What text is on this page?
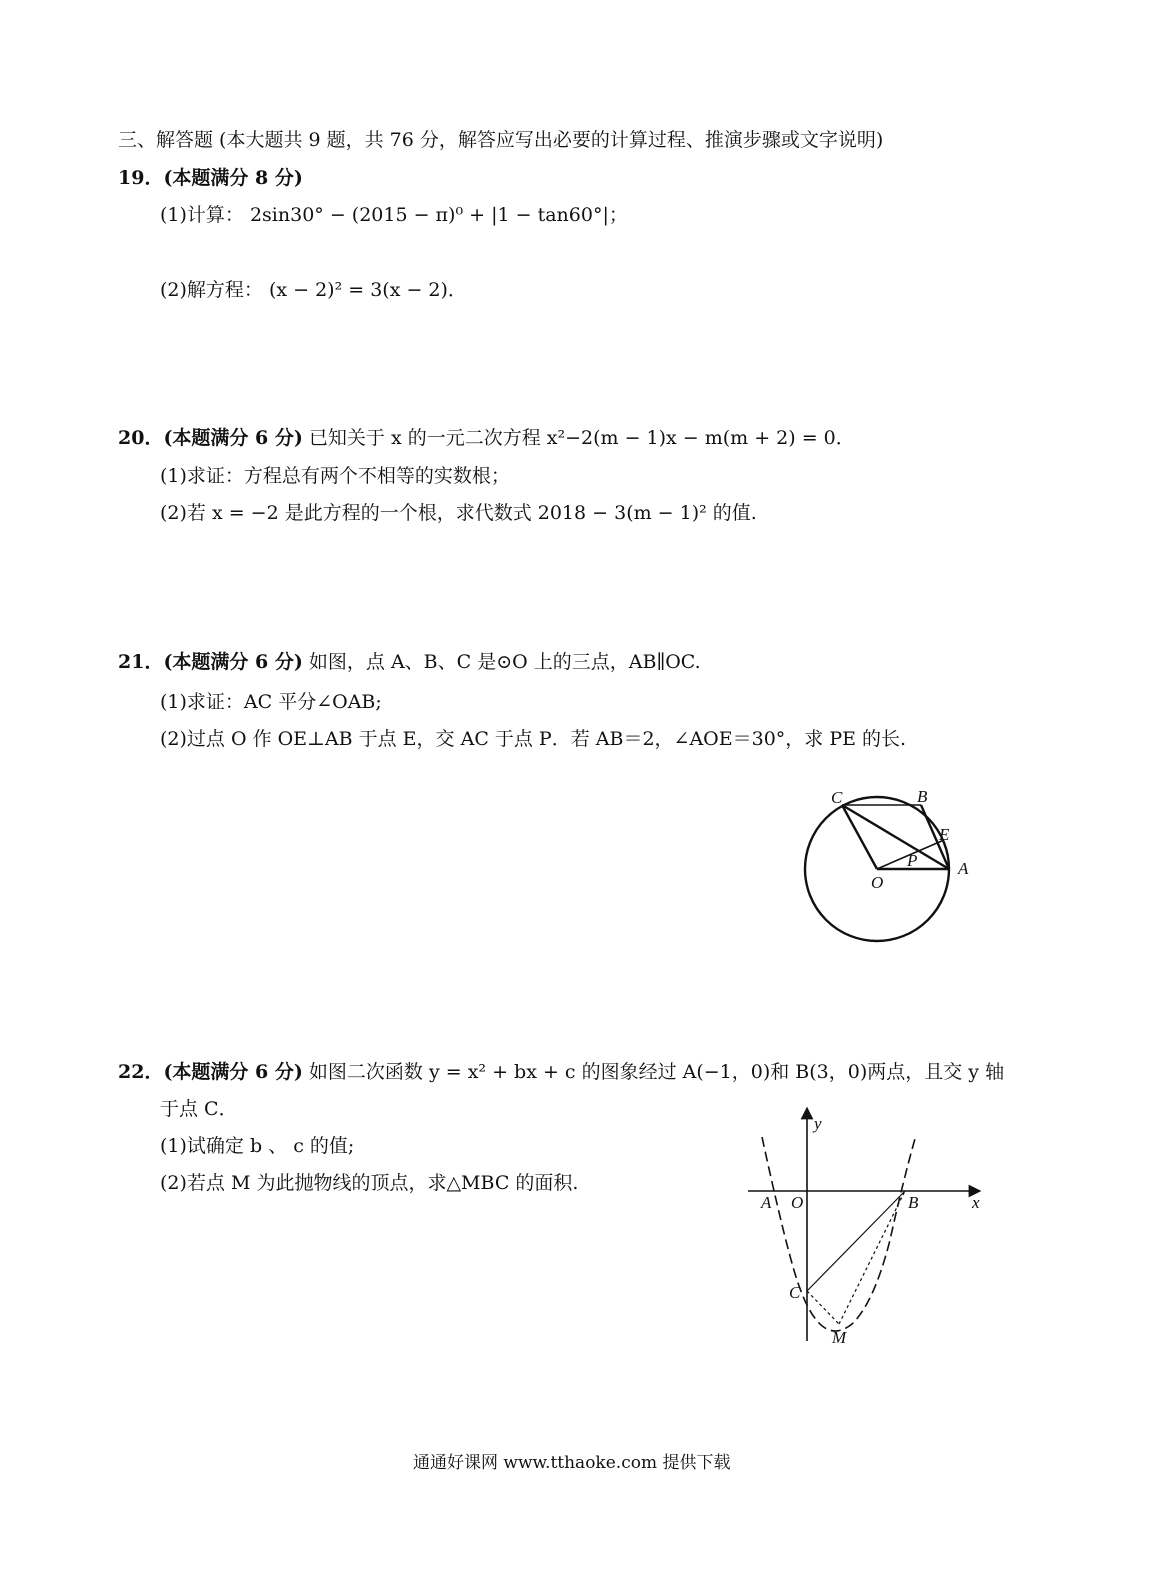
三、解答题 (本大题共 9 题，共 76 分，解答应写出必要的计算过程、推演步骤或文字说明)
19．(本题满分 8 分)
(1)计算： 2sin30° − (2015 − π)⁰ + |1 − tan60°|；
(2)解方程： (x − 2)² = 3(x − 2)．
20．(本题满分 6 分) 已知关于 x 的一元二次方程 x²−2(m − 1)x − m(m + 2) = 0．
(1)求证：方程总有两个不相等的实数根；
(2)若 x = −2 是此方程的一个根，求代数式 2018 − 3(m − 1)² 的值.
21．(本题满分 6 分) 如图，点 A、B、C 是⊙O 上的三点，AB∥OC.
(1)求证：AC 平分∠OAB;
(2)过点 O 作 OE⊥AB 于点 E，交 AC 于点 P．若 AB＝2，∠AOE＝30°，求 PE 的长.
C	B
E
P
O
A
22．(本题满分 6 分) 如图二次函数 y = x² + bx + c 的图象经过 A(−1，0)和 B(3，0)两点，且交 y 轴
于点 C．
(1)试确定 b 、 c 的值;
(2)若点 M 为此抛物线的顶点，求△MBC 的面积.
y
x
A O	B
C
M
通通好课网 www.tthaoke.com 提供下载
